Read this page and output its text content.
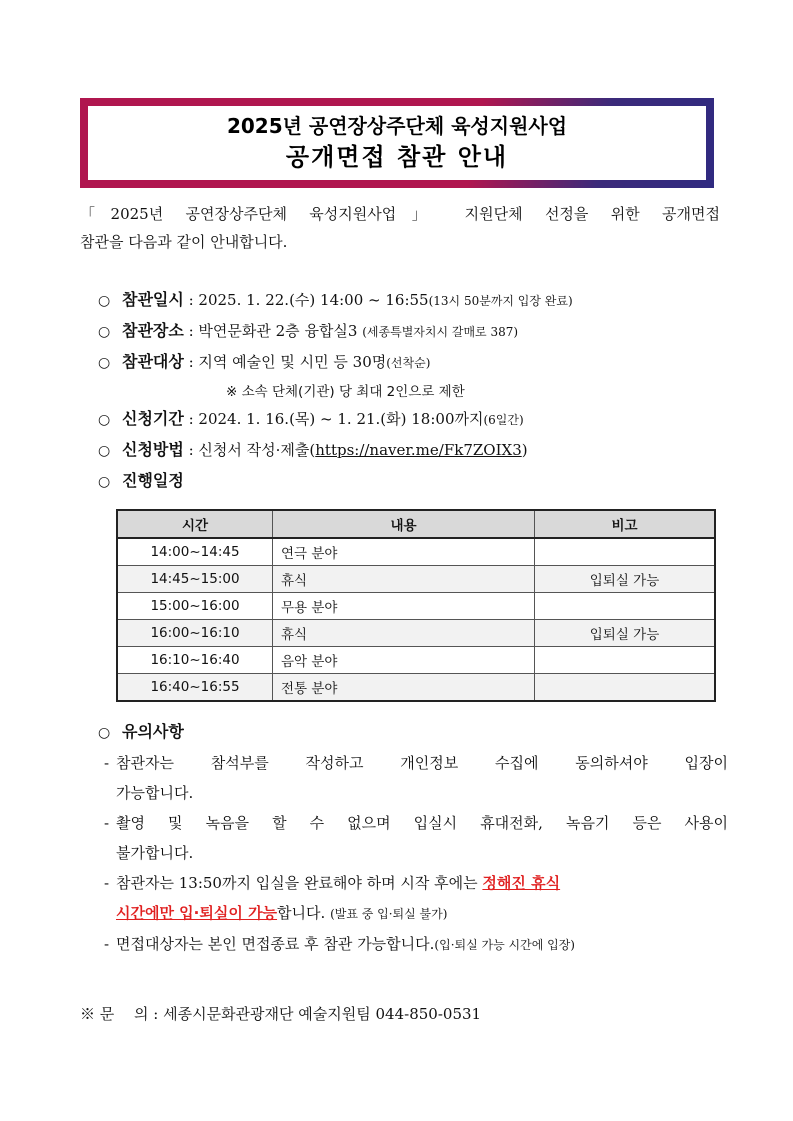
2025년 공연장상주단체 육성지원사업
공개면접 참관 안내
「2025년 공연장상주단체 육성지원사업」 지원단체 선정을 위한 공개면접
참관을 다음과 같이 안내합니다.
○ 참관일시 : 2025. 1. 22.(수) 14:00 ~ 16:55(13시 50분까지 입장 완료)
○ 참관장소 : 박연문화관 2층 융합실3 (세종특별자치시 갈매로 387)
○ 참관대상 : 지역 예술인 및 시민 등 30명(선착순)
※ 소속 단체(기관) 당 최대 2인으로 제한
○ 신청기간 : 2024. 1. 16.(목) ~ 1. 21.(화) 18:00까지(6일간)
○ 신청방법 : 신청서 작성·제출(https://naver.me/Fk7ZOIX3)
○ 진행일정
시간	내용	비고
14:00~14:45	연극 분야	
14:45~15:00	휴식	입퇴실 가능
15:00~16:00	무용 분야	
16:00~16:10	휴식	입퇴실 가능
16:10~16:40	음악 분야	
16:40~16:55	전통 분야	
○ 유의사항
- 참관자는 참석부를 작성하고 개인정보 수집에 동의하셔야 입장이
가능합니다.
- 촬영 및 녹음을 할 수 없으며 입실시 휴대전화, 녹음기 등은 사용이
불가합니다.
- 참관자는 13:50까지 입실을 완료해야 하며 시작 후에는 정해진 휴식
시간에만 입·퇴실이 가능합니다. (발표 중 입·퇴실 불가)
- 면접대상자는 본인 면접종료 후 참관 가능합니다.(입·퇴실 가능 시간에 입장)
※ 문　 의 : 세종시문화관광재단 예술지원팀 044-850-0531
